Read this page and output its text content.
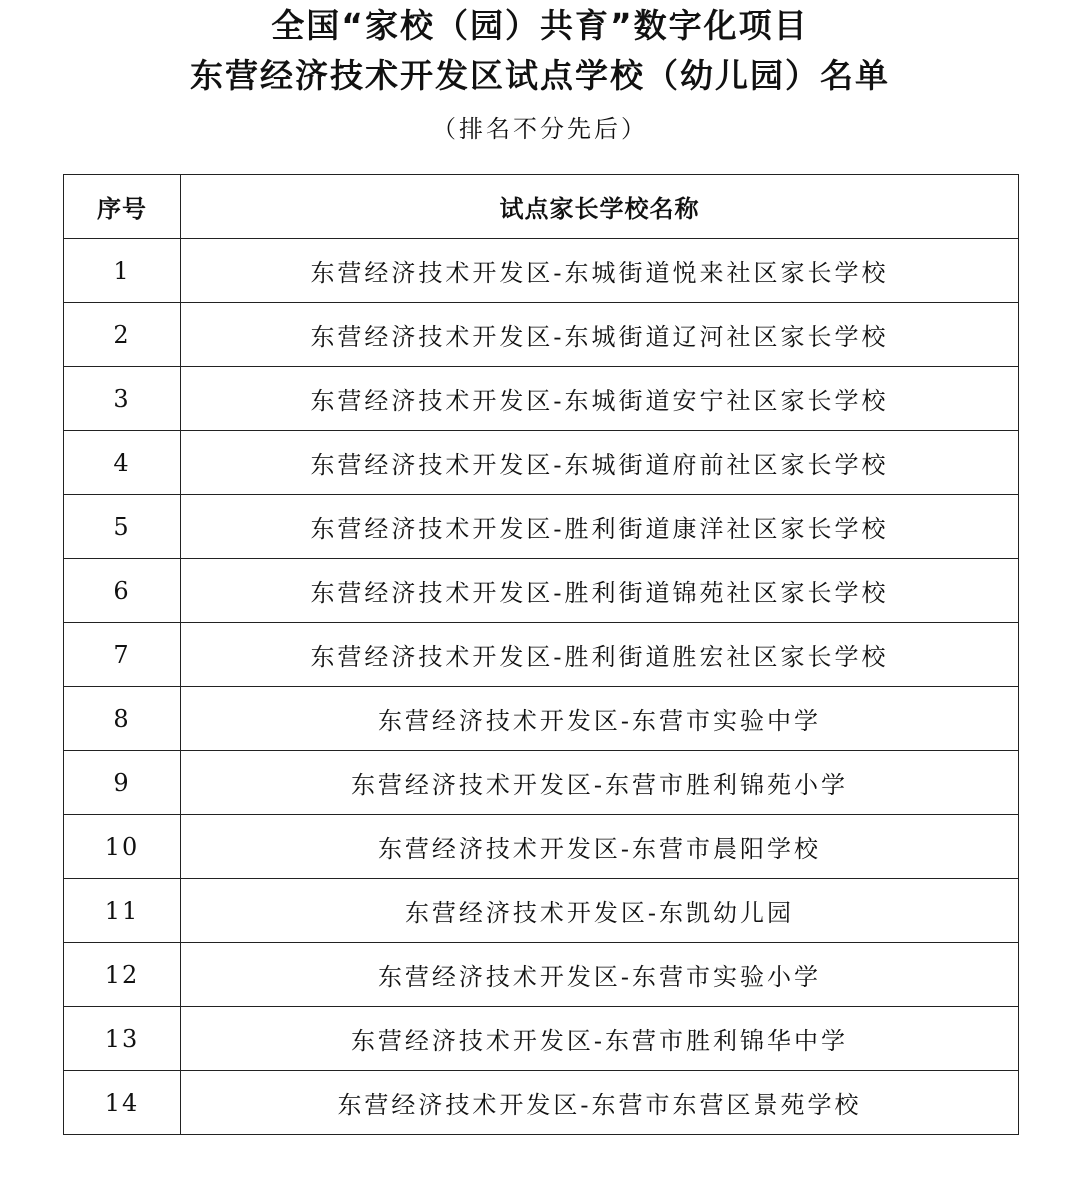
全国“家校（园）共育”数字化项目
东营经济技术开发区试点学校（幼儿园）名单
（排名不分先后）
序号	试点家长学校名称
1	东营经济技术开发区-东城街道悦来社区家长学校
2	东营经济技术开发区-东城街道辽河社区家长学校
3	东营经济技术开发区-东城街道安宁社区家长学校
4	东营经济技术开发区-东城街道府前社区家长学校
5	东营经济技术开发区-胜利街道康洋社区家长学校
6	东营经济技术开发区-胜利街道锦苑社区家长学校
7	东营经济技术开发区-胜利街道胜宏社区家长学校
8	东营经济技术开发区-东营市实验中学
9	东营经济技术开发区-东营市胜利锦苑小学
10	东营经济技术开发区-东营市晨阳学校
11	东营经济技术开发区-东凯幼儿园
12	东营经济技术开发区-东营市实验小学
13	东营经济技术开发区-东营市胜利锦华中学
14	东营经济技术开发区-东营市东营区景苑学校
